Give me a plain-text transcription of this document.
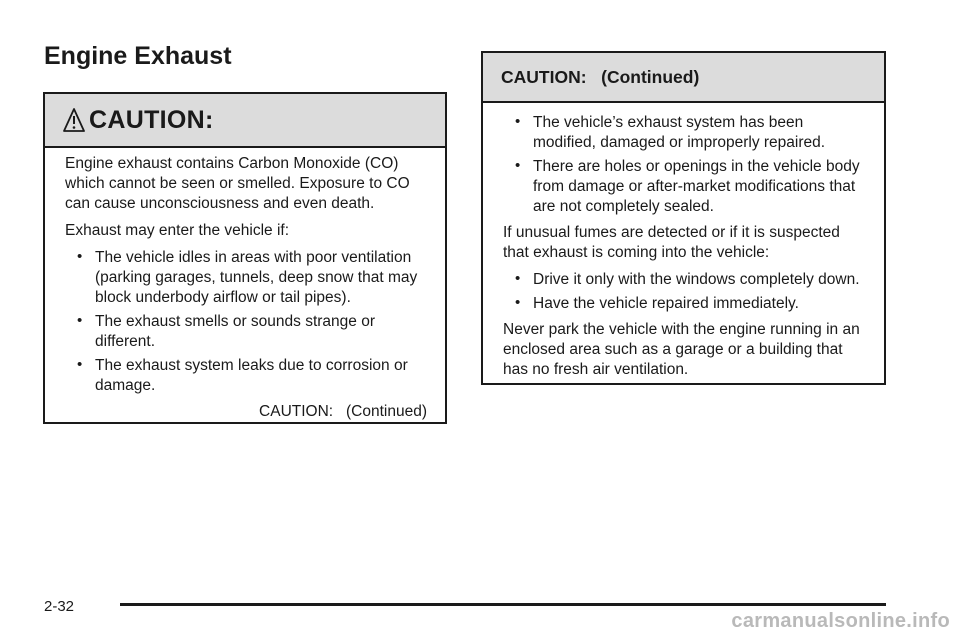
Engine Exhaust
CAUTION:

Engine exhaust contains Carbon Monoxide (CO) which cannot be seen or smelled. Exposure to CO can cause unconsciousness and even death.

Exhaust may enter the vehicle if:

• The vehicle idles in areas with poor ventilation (parking garages, tunnels, deep snow that may block underbody airflow or tail pipes).
• The exhaust smells or sounds strange or different.
• The exhaust system leaks due to corrosion or damage.
CAUTION:   (Continued)
CAUTION:   (Continued)
• The vehicle’s exhaust system has been modified, damaged or improperly repaired.
• There are holes or openings in the vehicle body from damage or after-market modifications that are not completely sealed.

If unusual fumes are detected or if it is suspected that exhaust is coming into the vehicle:

• Drive it only with the windows completely down.
• Have the vehicle repaired immediately.

Never park the vehicle with the engine running in an enclosed area such as a garage or a building that has no fresh air ventilation.

2-32
carmanualsonline.info
